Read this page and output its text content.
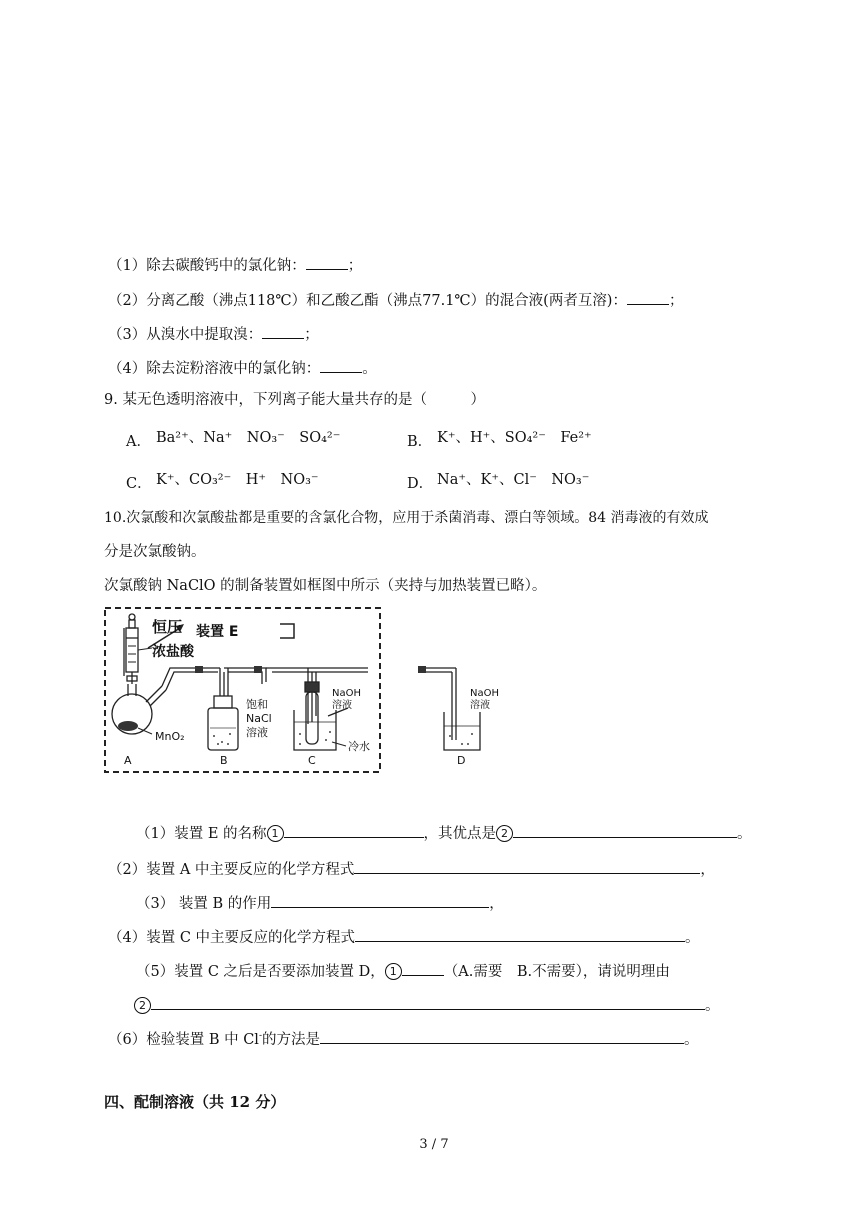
（1）除去碳酸钙中的氯化钠：	；
（2）分离乙酸（沸点118℃）和乙酸乙酯（沸点77.1℃）的混合液(两者互溶)：	；
（3）从溴水中提取溴：	；
（4）除去淀粉溶液中的氯化钠：	。
9. 某无色透明溶液中，下列离子能大量共存的是（　　　）
A． Ba²⁺、Na⁺　NO₃⁻　SO₄²⁻	B． K⁺、H⁺、SO₄²⁻　Fe²⁺
C． K⁺、CO₃²⁻　H⁺　NO₃⁻	D． Na⁺、K⁺、Cl⁻　NO₃⁻
10.次氯酸和次氯酸盐都是重要的含氯化合物，应用于杀菌消毒、漂白等领域。84 消毒液的有效成
分是次氯酸钠。
次氯酸钠 NaClO 的制备装置如框图中所示（夹持与加热装置已略）。
恒压 装置 E
浓盐酸
MnO₂
饱和
NaCl
溶液
NaOH
溶液
冷水
NaOH
溶液
A	B	C	D
（1）装置 E 的名称 1	，其优点是 2	。
（2）装置 A 中主要反应的化学方程式	，
（3） 装置 B 的作用	，
（4）装置 C 中主要反应的化学方程式	。
（5）装置 C 之后是否要添加装置 D， 1	（A.需要　B.不需要），请说明理由
2	。
（6）检验装置 B 中 Cl-的方法是	。
四、配制溶液（共 12 分）
3 / 7
